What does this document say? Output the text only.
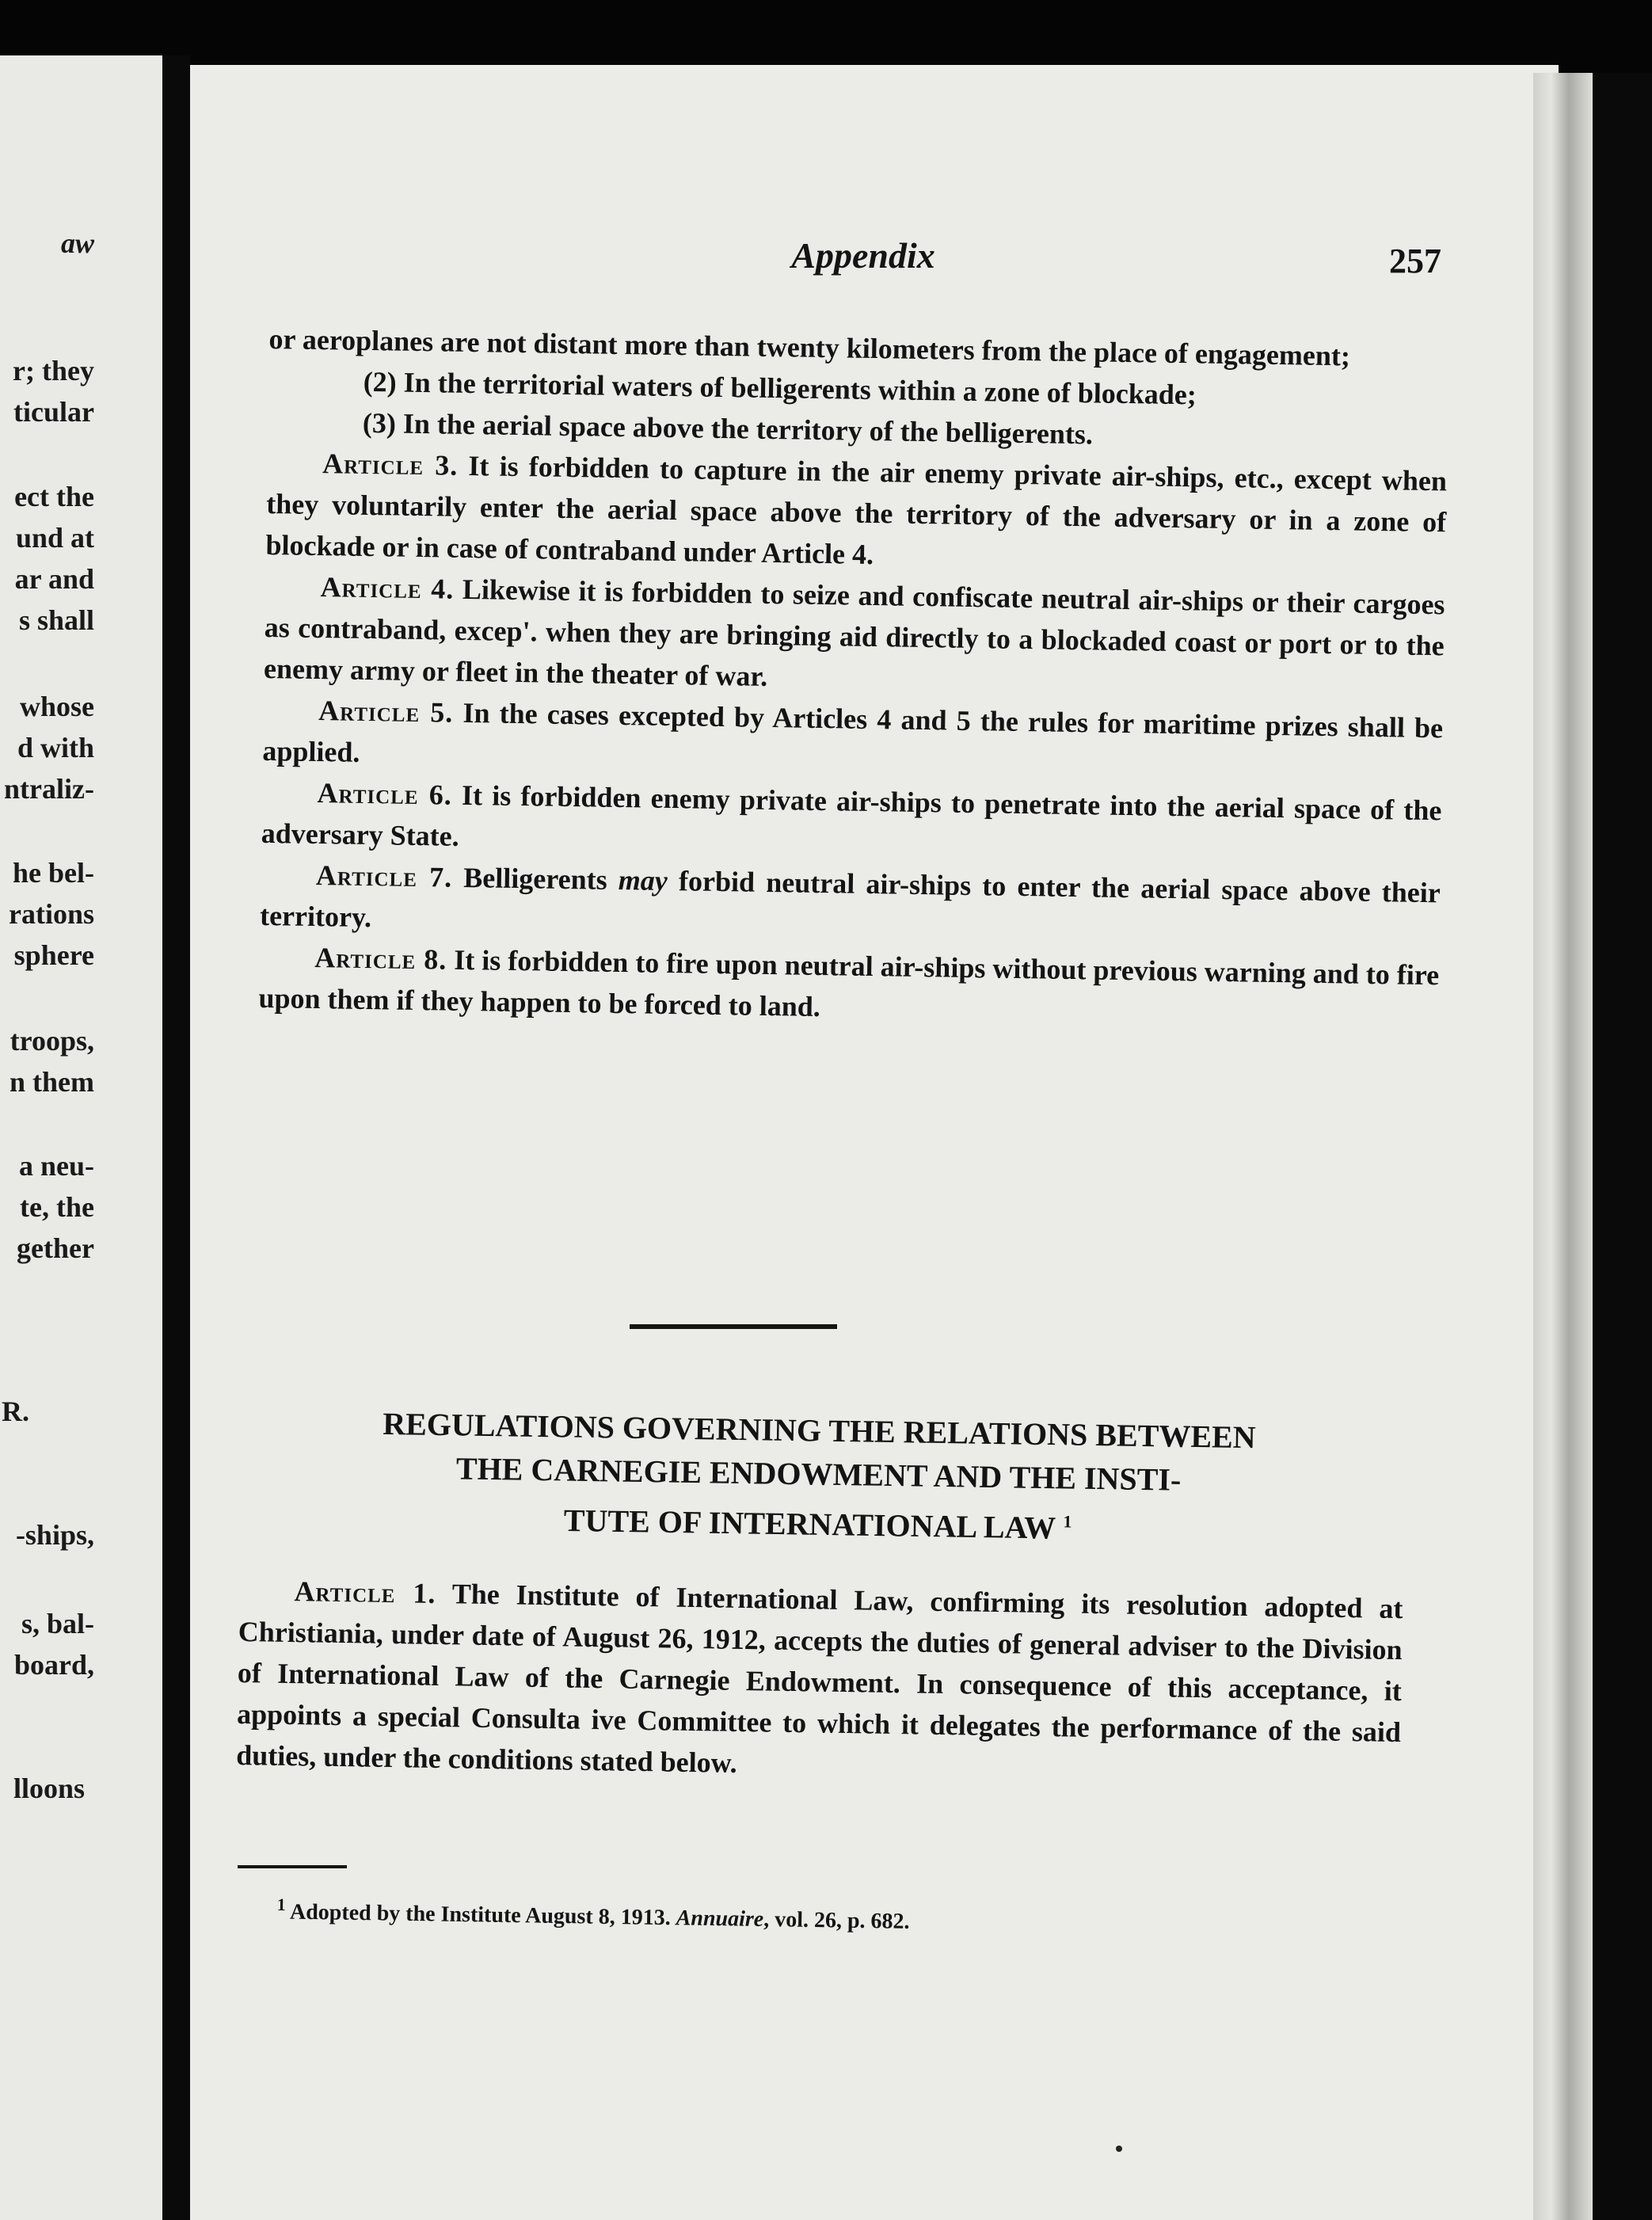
aw
r; they
ticular
ect the
und at
ar and
s shall
whose
d with
ntraliz-
he bel-
rations
sphere
troops,
n them
a neu-
te, the
gether
R.
-ships,
s, bal-
board,
lloons
Appendix	257

or aeroplanes are not distant more than twenty kilometers from the place of engagement;

(2) In the territorial waters of belligerents within a zone of blockade;

(3) In the aerial space above the territory of the belligerents.

Article 3. It is forbidden to capture in the air enemy private air-ships, etc., except when they voluntarily enter the aerial space above the territory of the adversary or in a zone of blockade or in case of contraband under Article 4.

Article 4. Likewise it is forbidden to seize and confiscate neutral air-ships or their cargoes as contraband, excep'. when they are bringing aid directly to a blockaded coast or port or to the enemy army or fleet in the theater of war.

Article 5. In the cases excepted by Articles 4 and 5 the rules for maritime prizes shall be applied.

Article 6. It is forbidden enemy private air-ships to penetrate into the aerial space of the adversary State.

Article 7. Belligerents may forbid neutral air-ships to enter the aerial space above their territory.

Article 8. It is forbidden to fire upon neutral air-ships without previous warning and to fire upon them if they happen to be forced to land.

REGULATIONS GOVERNING THE RELATIONS BETWEEN
THE CARNEGIE ENDOWMENT AND THE INSTI-
TUTE OF INTERNATIONAL LAW $^1$

Article 1. The Institute of International Law, confirming its resolution adopted at Christiania, under date of August 26, 1912, accepts the duties of general adviser to the Division of International Law of the Carnegie Endowment. In consequence of this acceptance, it appoints a special Consulta ive Committee to which it delegates the performance of the said duties, under the conditions stated below.

$^1$ Adopted by the Institute August 8, 1913. Annuaire, vol. 26, p. 682.
